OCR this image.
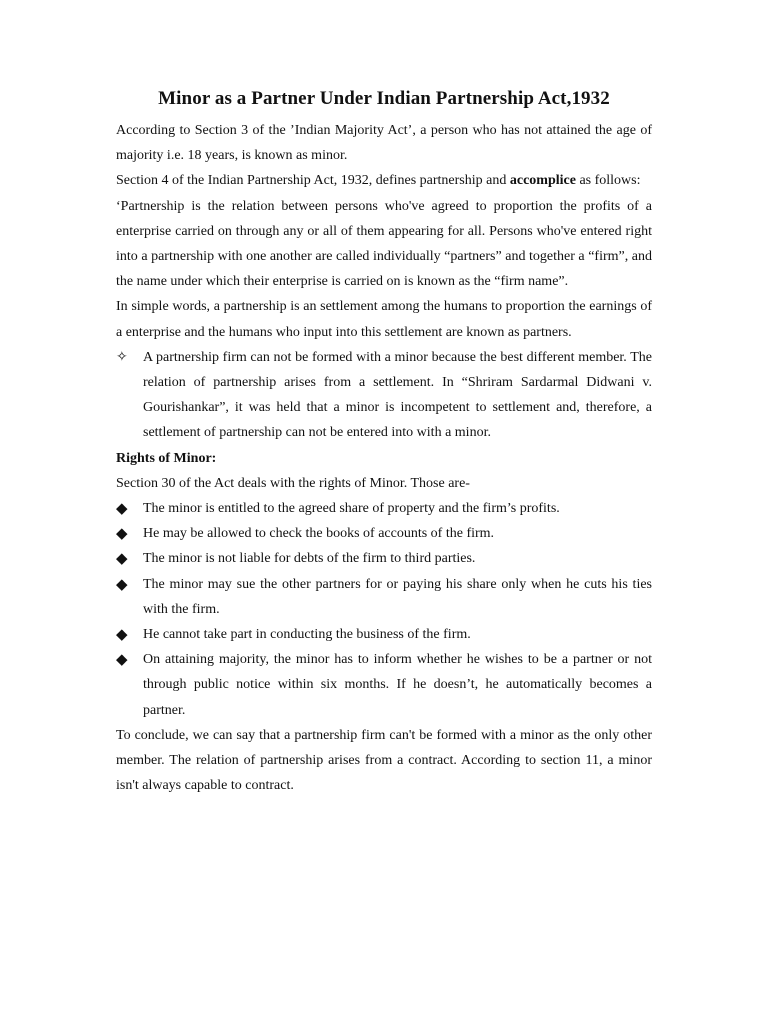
Minor as a Partner Under Indian Partnership Act,1932

According to Section 3 of the ’Indian Majority Act’, a person who has not attained the age of majority i.e. 18 years, is known as minor.

Section 4 of the Indian Partnership Act, 1932, defines partnership and accomplice as follows:

‘Partnership is the relation between persons who've agreed to proportion the profits of a enterprise carried on through any or all of them appearing for all. Persons who've entered right into a partnership with one another are called individually “partners” and together a “firm”, and the name under which their enterprise is carried on is known as the “firm name”.

In simple words, a partnership is an settlement among the humans to proportion the earnings of a enterprise and the humans who input into this settlement are known as partners.

✧	A partnership firm can not be formed with a minor because the best different member. The relation of partnership arises from a settlement. In “Shriram Sardarmal Didwani v. Gourishankar”, it was held that a minor is incompetent to settlement and, therefore, a settlement of partnership can not be entered into with a minor.

Rights of Minor:

Section 30 of the Act deals with the rights of Minor. Those are-

◆	The minor is entitled to the agreed share of property and the firm’s profits.
◆	He may be allowed to check the books of accounts of the firm.
◆	The minor is not liable for debts of the firm to third parties.
◆	The minor may sue the other partners for or paying his share only when he cuts his ties with the firm.
◆	He cannot take part in conducting the business of the firm.
◆	On attaining majority, the minor has to inform whether he wishes to be a partner or not through public notice within six months. If he doesn’t, he automatically becomes a partner.

To conclude, we can say that a partnership firm can't be formed with a minor as the only other member. The relation of partnership arises from a contract. According to section 11, a minor isn't always capable to contract.
